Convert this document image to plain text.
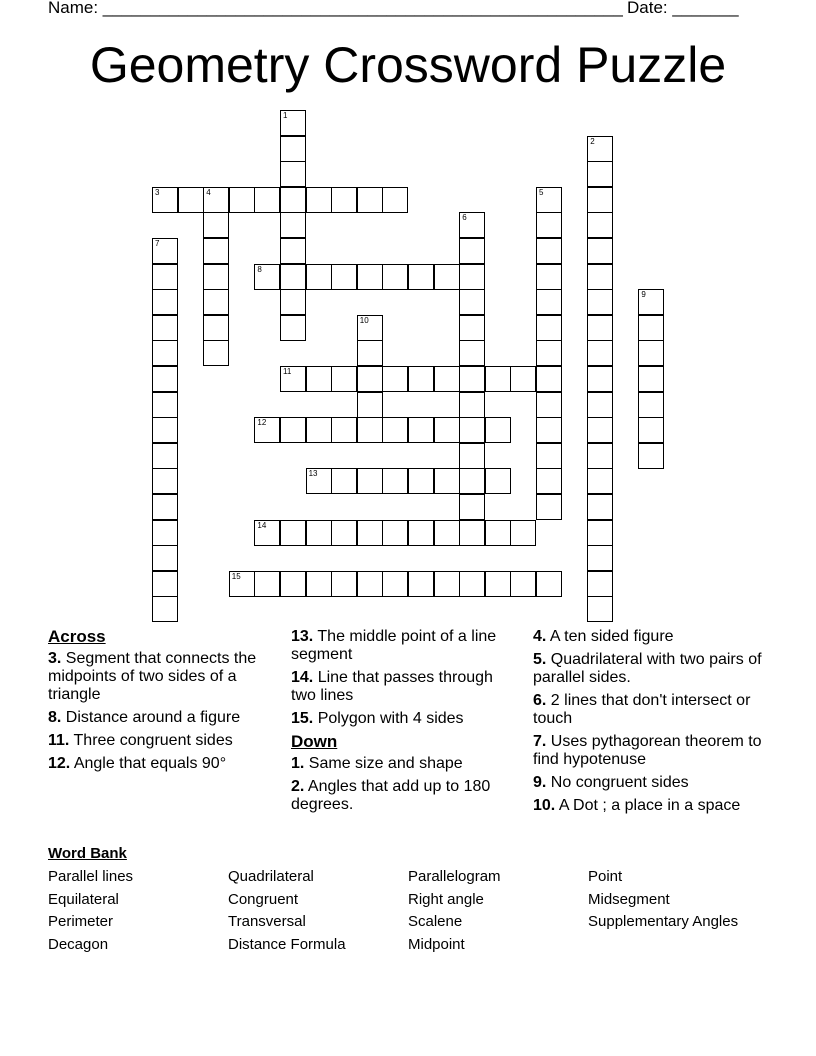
Name: _______________________________________________________ Date: _______
Geometry Crossword Puzzle
1
2
3	4	5
6
7
8
9
10
11
12
13
14
15
Across
3. Segment that connects the midpoints of two sides of a triangle
8. Distance around a figure
11. Three congruent sides
12. Angle that equals 90°
13. The middle point of a line segment
14. Line that passes through two lines
15. Polygon with 4 sides
Down
1. Same size and shape
2. Angles that add up to 180 degrees.
4. A ten sided figure
5. Quadrilateral with two pairs of parallel sides.
6. 2 lines that don't intersect or touch
7. Uses pythagorean theorem to find hypotenuse
9. No congruent sides
10. A Dot ; a place in a space
Word Bank
Parallel lines
Equilateral
Perimeter
Decagon
Quadrilateral
Congruent
Transversal
Distance Formula
Parallelogram
Right angle
Scalene
Midpoint
Point
Midsegment
Supplementary Angles
